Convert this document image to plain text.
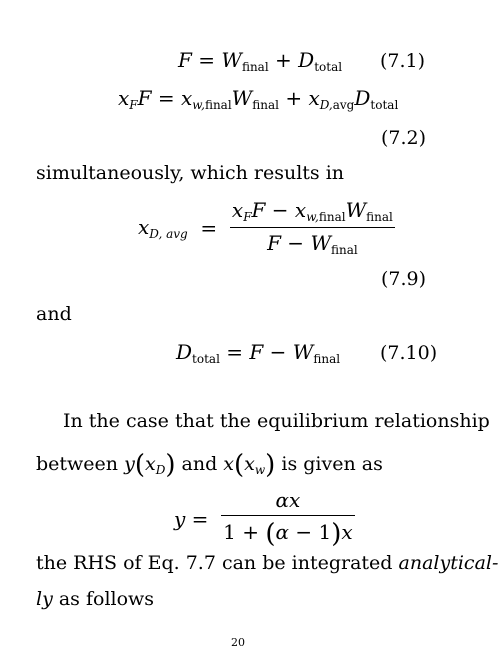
$F = W_{final} + D_{total}$ (7.1)
$x_FF = x_{w,final}W_{final} + x_{D,avg}D_{total}$
(7.2)
simultaneously, which results in
$x_{D, avg} = \frac{x_FF - x_{w,final}W_{final}}{F - W_{final}}$
(7.9)
and
$D_{total} = F - W_{final}$ (7.10)
In the case that the equilibrium relationship
between $y(x_D)$ and $x(x_w)$ is given as
$y = \frac{\alpha x}{1 + (\alpha - 1)x}$
the RHS of Eq. 7.7 can be integrated analytical-
ly as follows
20
